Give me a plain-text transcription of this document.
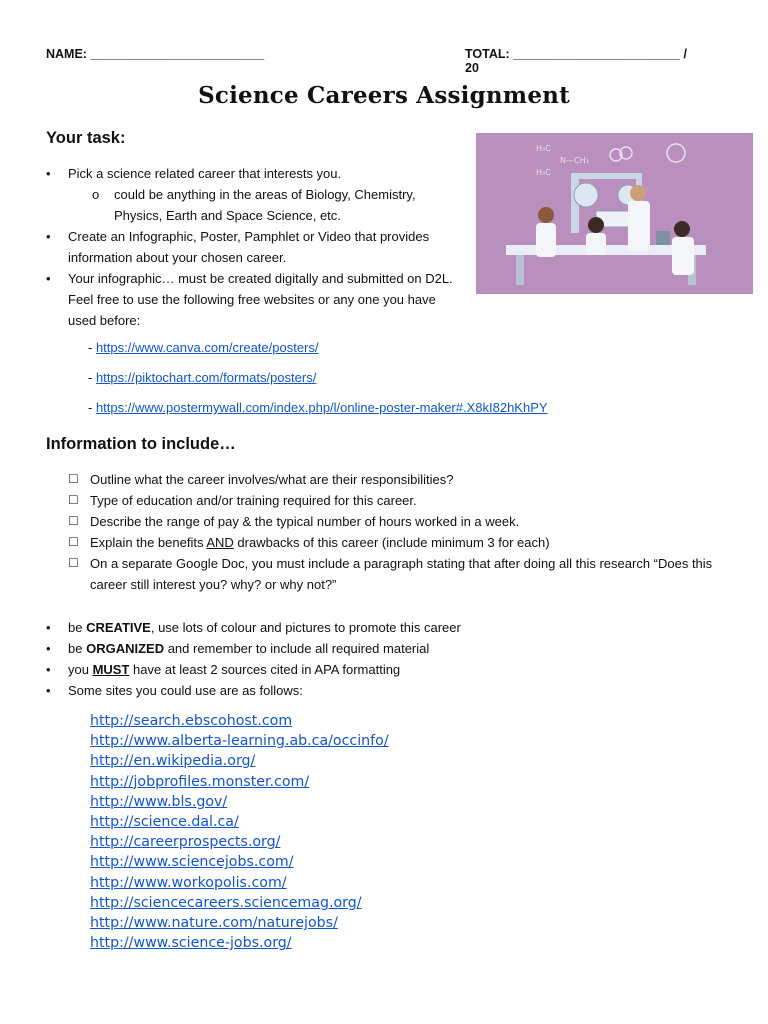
NAME: _________________________	TOTAL: ________________________ / 20
Science Careers Assignment
Your task:
H₃C
N—CH₃
H₃C
• Pick a science related career that interests you.
o could be anything in the areas of Biology, Chemistry, Physics, Earth and Space Science, etc.
• Create an Infographic, Poster, Pamphlet or Video that provides information about your chosen career.
• Your infographic… must be created digitally and submitted on D2L. Feel free to use the following free websites or any one you have used before:
- https://www.canva.com/create/posters/
- https://piktochart.com/formats/posters/
- https://www.postermywall.com/index.php/l/online-poster-maker#.X8kI82hKhPY
Information to include…
☐ Outline what the career involves/what are their responsibilities?
☐ Type of education and/or training required for this career.
☐ Describe the range of pay & the typical number of hours worked in a week.
☐ Explain the benefits AND drawbacks of this career (include minimum 3 for each)
☐ On a separate Google Doc, you must include a paragraph stating that after doing all this research “Does this career still interest you? why? or why not?”
• be CREATIVE, use lots of colour and pictures to promote this career
• be ORGANIZED and remember to include all required material
• you MUST have at least 2 sources cited in APA formatting
• Some sites you could use are as follows:
http://search.ebscohost.com
http://www.alberta-learning.ab.ca/occinfo/
http://en.wikipedia.org/
http://jobprofiles.monster.com/
http://www.bls.gov/
http://science.dal.ca/
http://careerprospects.org/
http://www.sciencejobs.com/
http://www.workopolis.com/
http://sciencecareers.sciencemag.org/
http://www.nature.com/naturejobs/
http://www.science-jobs.org/
